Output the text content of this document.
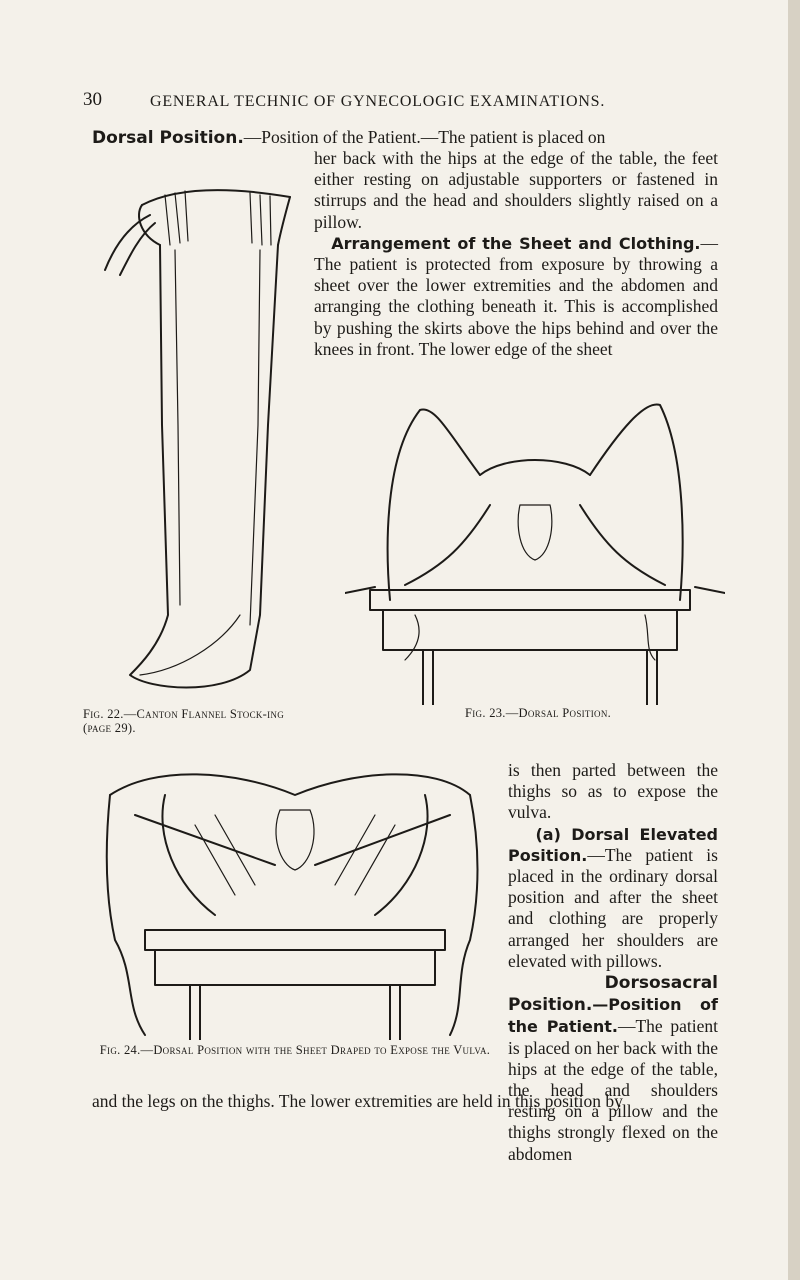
30	GENERAL TECHNIC OF GYNECOLOGIC EXAMINATIONS.
Dorsal Position.—Position of the Patient.—The patient is placed on
her back with the hips at the edge of the table, the feet either resting on adjustable supporters or fastened in stirrups and the head and shoulders slightly raised on a pillow.
Arrangement of the Sheet and Clothing.—The patient is protected from exposure by throwing a sheet over the lower extremities and the abdomen and arranging the clothing beneath it. This is accomplished by pushing the skirts above the hips behind and over the knees in front. The lower edge of the sheet
Fig. 22.—Canton Flannel Stock-ing (page 29).
Fig. 23.—Dorsal Position.
Fig. 24.—Dorsal Position with the Sheet Draped to Expose the Vulva.
is then parted between the thighs so as to expose the vulva.
(a) Dorsal Elevated Position.—The patient is placed in the ordinary dorsal position and after the sheet and clothing are properly arranged her shoulders are elevated with pillows.
Dorsosacral Position.—Position of the Patient.—The patient is placed on her back with the hips at the edge of the table, the head and shoulders resting on a pillow and the thighs strongly flexed on the abdomen
and the legs on the thighs. The lower extremities are held in this position by
